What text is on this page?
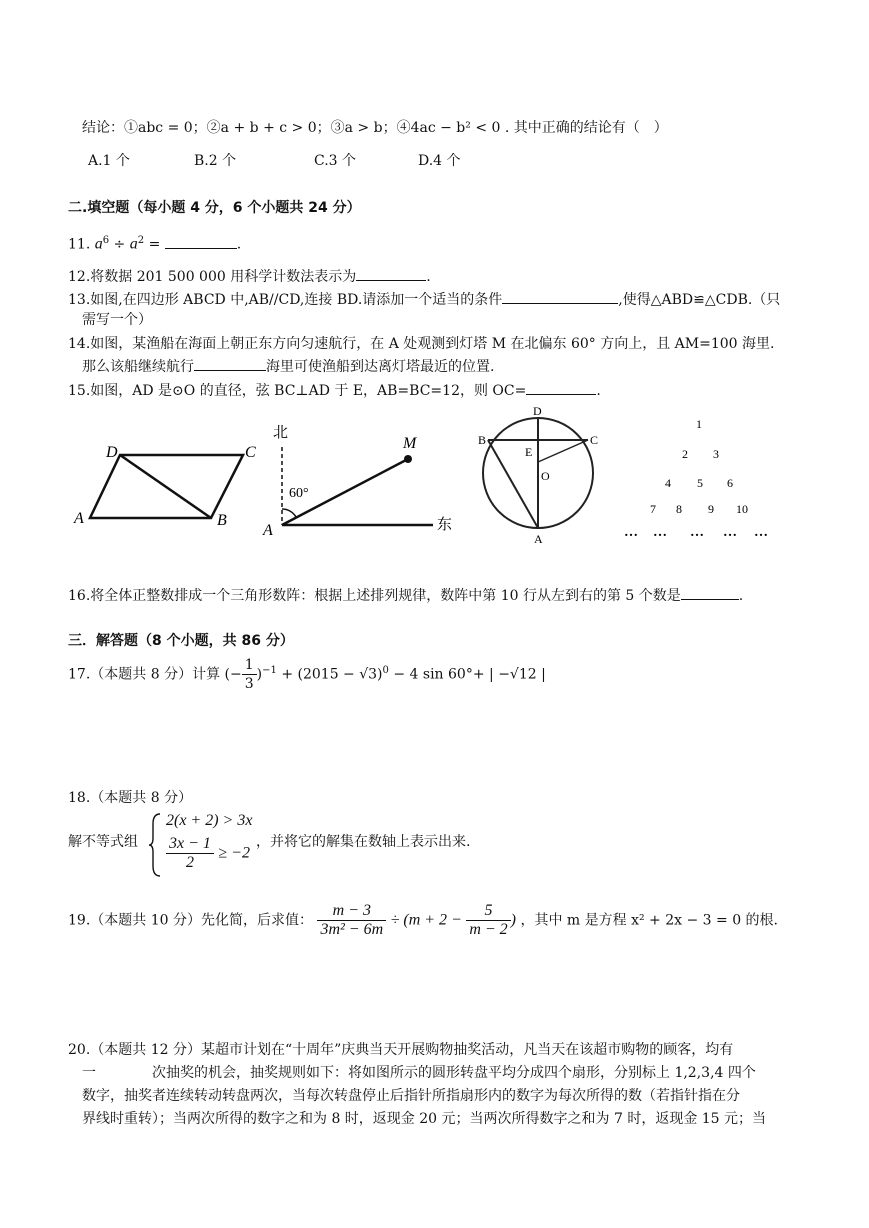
结论：①abc = 0；②a + b + c > 0；③a > b；④4ac − b² < 0 . 其中正确的结论有（　）
A.1 个	B.2 个	C.3 个	D.4 个
二.填空题（每小题 4 分，6 个小题共 24 分）
11. $a^6 \div a^2$ =	.
12.将数据 201 500 000 用科学计数法表示为	.
13.如图,在四边形 ABCD 中,AB//CD,连接 BD.请添加一个适当的条件	,使得△ABD≌△CDB.（只
需写一个）
14.如图，某渔船在海面上朝正东方向匀速航行，在 A 处观测到灯塔 M 在北偏东 60° 方向上，且 AM=100 海里.
那么该船继续航行	海里可使渔船到达离灯塔最近的位置.
15.如图，AD 是⊙O 的直径，弦 BC⊥AD 于 E，AB=BC=12，则 OC=	.
D	C
A	B
北
东
60°
A
M
D
B	C
E
O
A
1
2 3
4 5 6
7 8 9 10
… … … … …
16.将全体正整数排成一个三角形数阵：根据上述排列规律，数阵中第 10 行从左到右的第 5 个数是	.
三．解答题（8 个小题，共 86 分）
17.（本题共 8 分）计算 (− $\frac{1}{3} )^{-1} + (2015 - √3)^0 - 4$ sin 60°+ | −√12 |
18.（本题共 8 分）
解不等式组
2(x + 2) > 3x
$\frac{3x - 1}{2} \ge -2$
，并将它的解集在数轴上表示出来.
19.（本题共 10 分）先化简，后求值： $\frac{m - 3}{\text{3m² − 6m}} \div (m + 2 - \frac{5}{m - 2}$ ) ，其中 m 是方程 x² + 2x − 3 = 0 的根.
20.（本题共 12 分）某超市计划在“十周年”庆典当天开展购物抽奖活动，凡当天在该超市购物的顾客，均有
一　　　　次抽奖的机会，抽奖规则如下：将如图所示的圆形转盘平均分成四个扇形，分别标上 1,2,3,4 四个
数字，抽奖者连续转动转盘两次，当每次转盘停止后指针所指扇形内的数字为每次所得的数（若指针指在分
界线时重转）；当两次所得的数字之和为 8 时，返现金 20 元；当两次所得数字之和为 7 时，返现金 15 元；当
